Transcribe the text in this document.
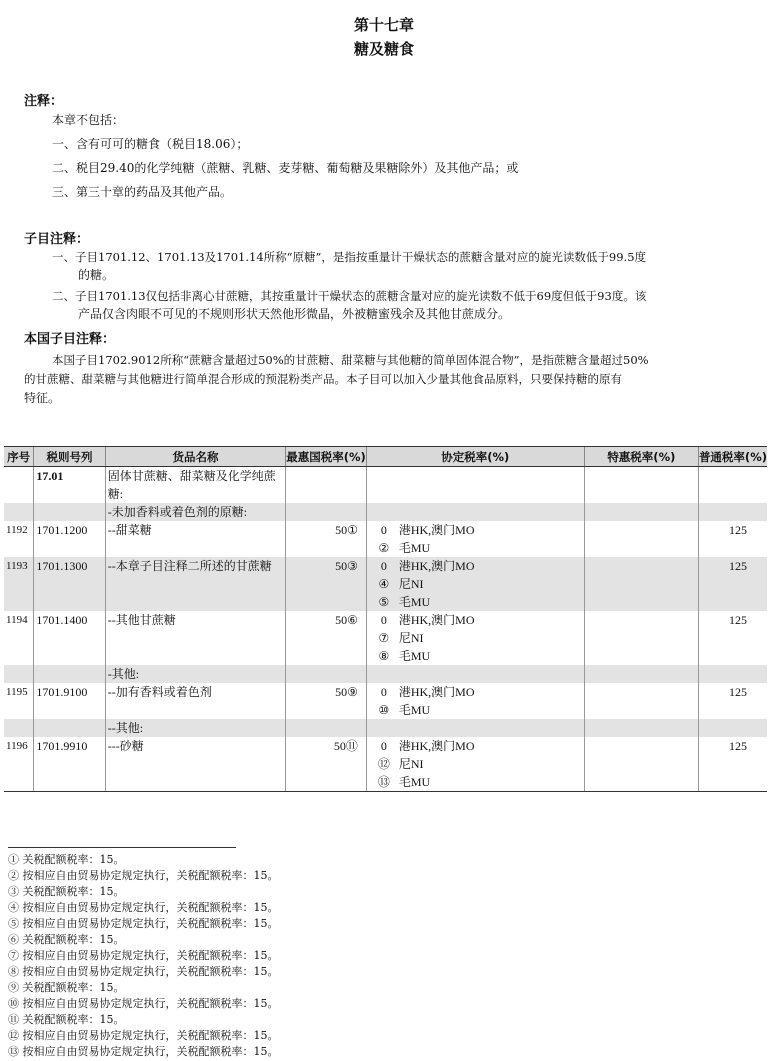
第十七章
糖及糖食
注释：
本章不包括：
一、含有可可的糖食（税目18.06）；
二、税目29.40的化学纯糖（蔗糖、乳糖、麦芽糖、葡萄糖及果糖除外）及其他产品；或
三、第三十章的药品及其他产品。
子目注释：
一、子目1701.12、1701.13及1701.14所称“原糖”，是指按重量计干燥状态的蔗糖含量对应的旋光读数低于99.5度
的糖。
二、子目1701.13仅包括非离心甘蔗糖，其按重量计干燥状态的蔗糖含量对应的旋光读数不低于69度但低于93度。该
产品仅含肉眼不可见的不规则形状天然他形微晶，外被糖蜜残余及其他甘蔗成分。
本国子目注释：
本国子目1702.9012所称“蔗糖含量超过50%的甘蔗糖、甜菜糖与其他糖的简单固体混合物”，是指蔗糖含量超过50%
的甘蔗糖、甜菜糖与其他糖进行简单混合形成的预混粉类产品。本子目可以加入少量其他食品原料，只要保持糖的原有
特征。
序号	税则号列	货品名称	最惠国税率(%)	协定税率(%)	特惠税率(%)	普通税率(%)
	17.01	固体甘蔗糖、甜菜糖及化学纯蔗
糖:				

		-未加香料或着色剂的原糖:				
1192	1701.1200	--甜菜糖	50①	0 港HK,澳门MO
② 毛MU		125
1193	1701.1300	--本章子目注释二所述的甘蔗糖	50③	0 港HK,澳门MO
④ 尼NI
⑤ 毛MU		125
1194	1701.1400	--其他甘蔗糖	50⑥	0 港HK,澳门MO
⑦ 尼NI
⑧ 毛MU		125
		-其他:				
1195	1701.9100	--加有香料或着色剂	50⑨	0 港HK,澳门MO
⑩ 毛MU		125
		--其他:				
1196	1701.9910	---砂糖	50⑪	0 港HK,澳门MO
⑫ 尼NI
⑬ 毛MU		125
① 关税配额税率：15。
② 按相应自由贸易协定规定执行，关税配额税率：15。
③ 关税配额税率：15。
④ 按相应自由贸易协定规定执行，关税配额税率：15。
⑤ 按相应自由贸易协定规定执行，关税配额税率：15。
⑥ 关税配额税率：15。
⑦ 按相应自由贸易协定规定执行，关税配额税率：15。
⑧ 按相应自由贸易协定规定执行，关税配额税率：15。
⑨ 关税配额税率：15。
⑩ 按相应自由贸易协定规定执行，关税配额税率：15。
⑪ 关税配额税率：15。
⑫ 按相应自由贸易协定规定执行，关税配额税率：15。
⑬ 按相应自由贸易协定规定执行，关税配额税率：15。
